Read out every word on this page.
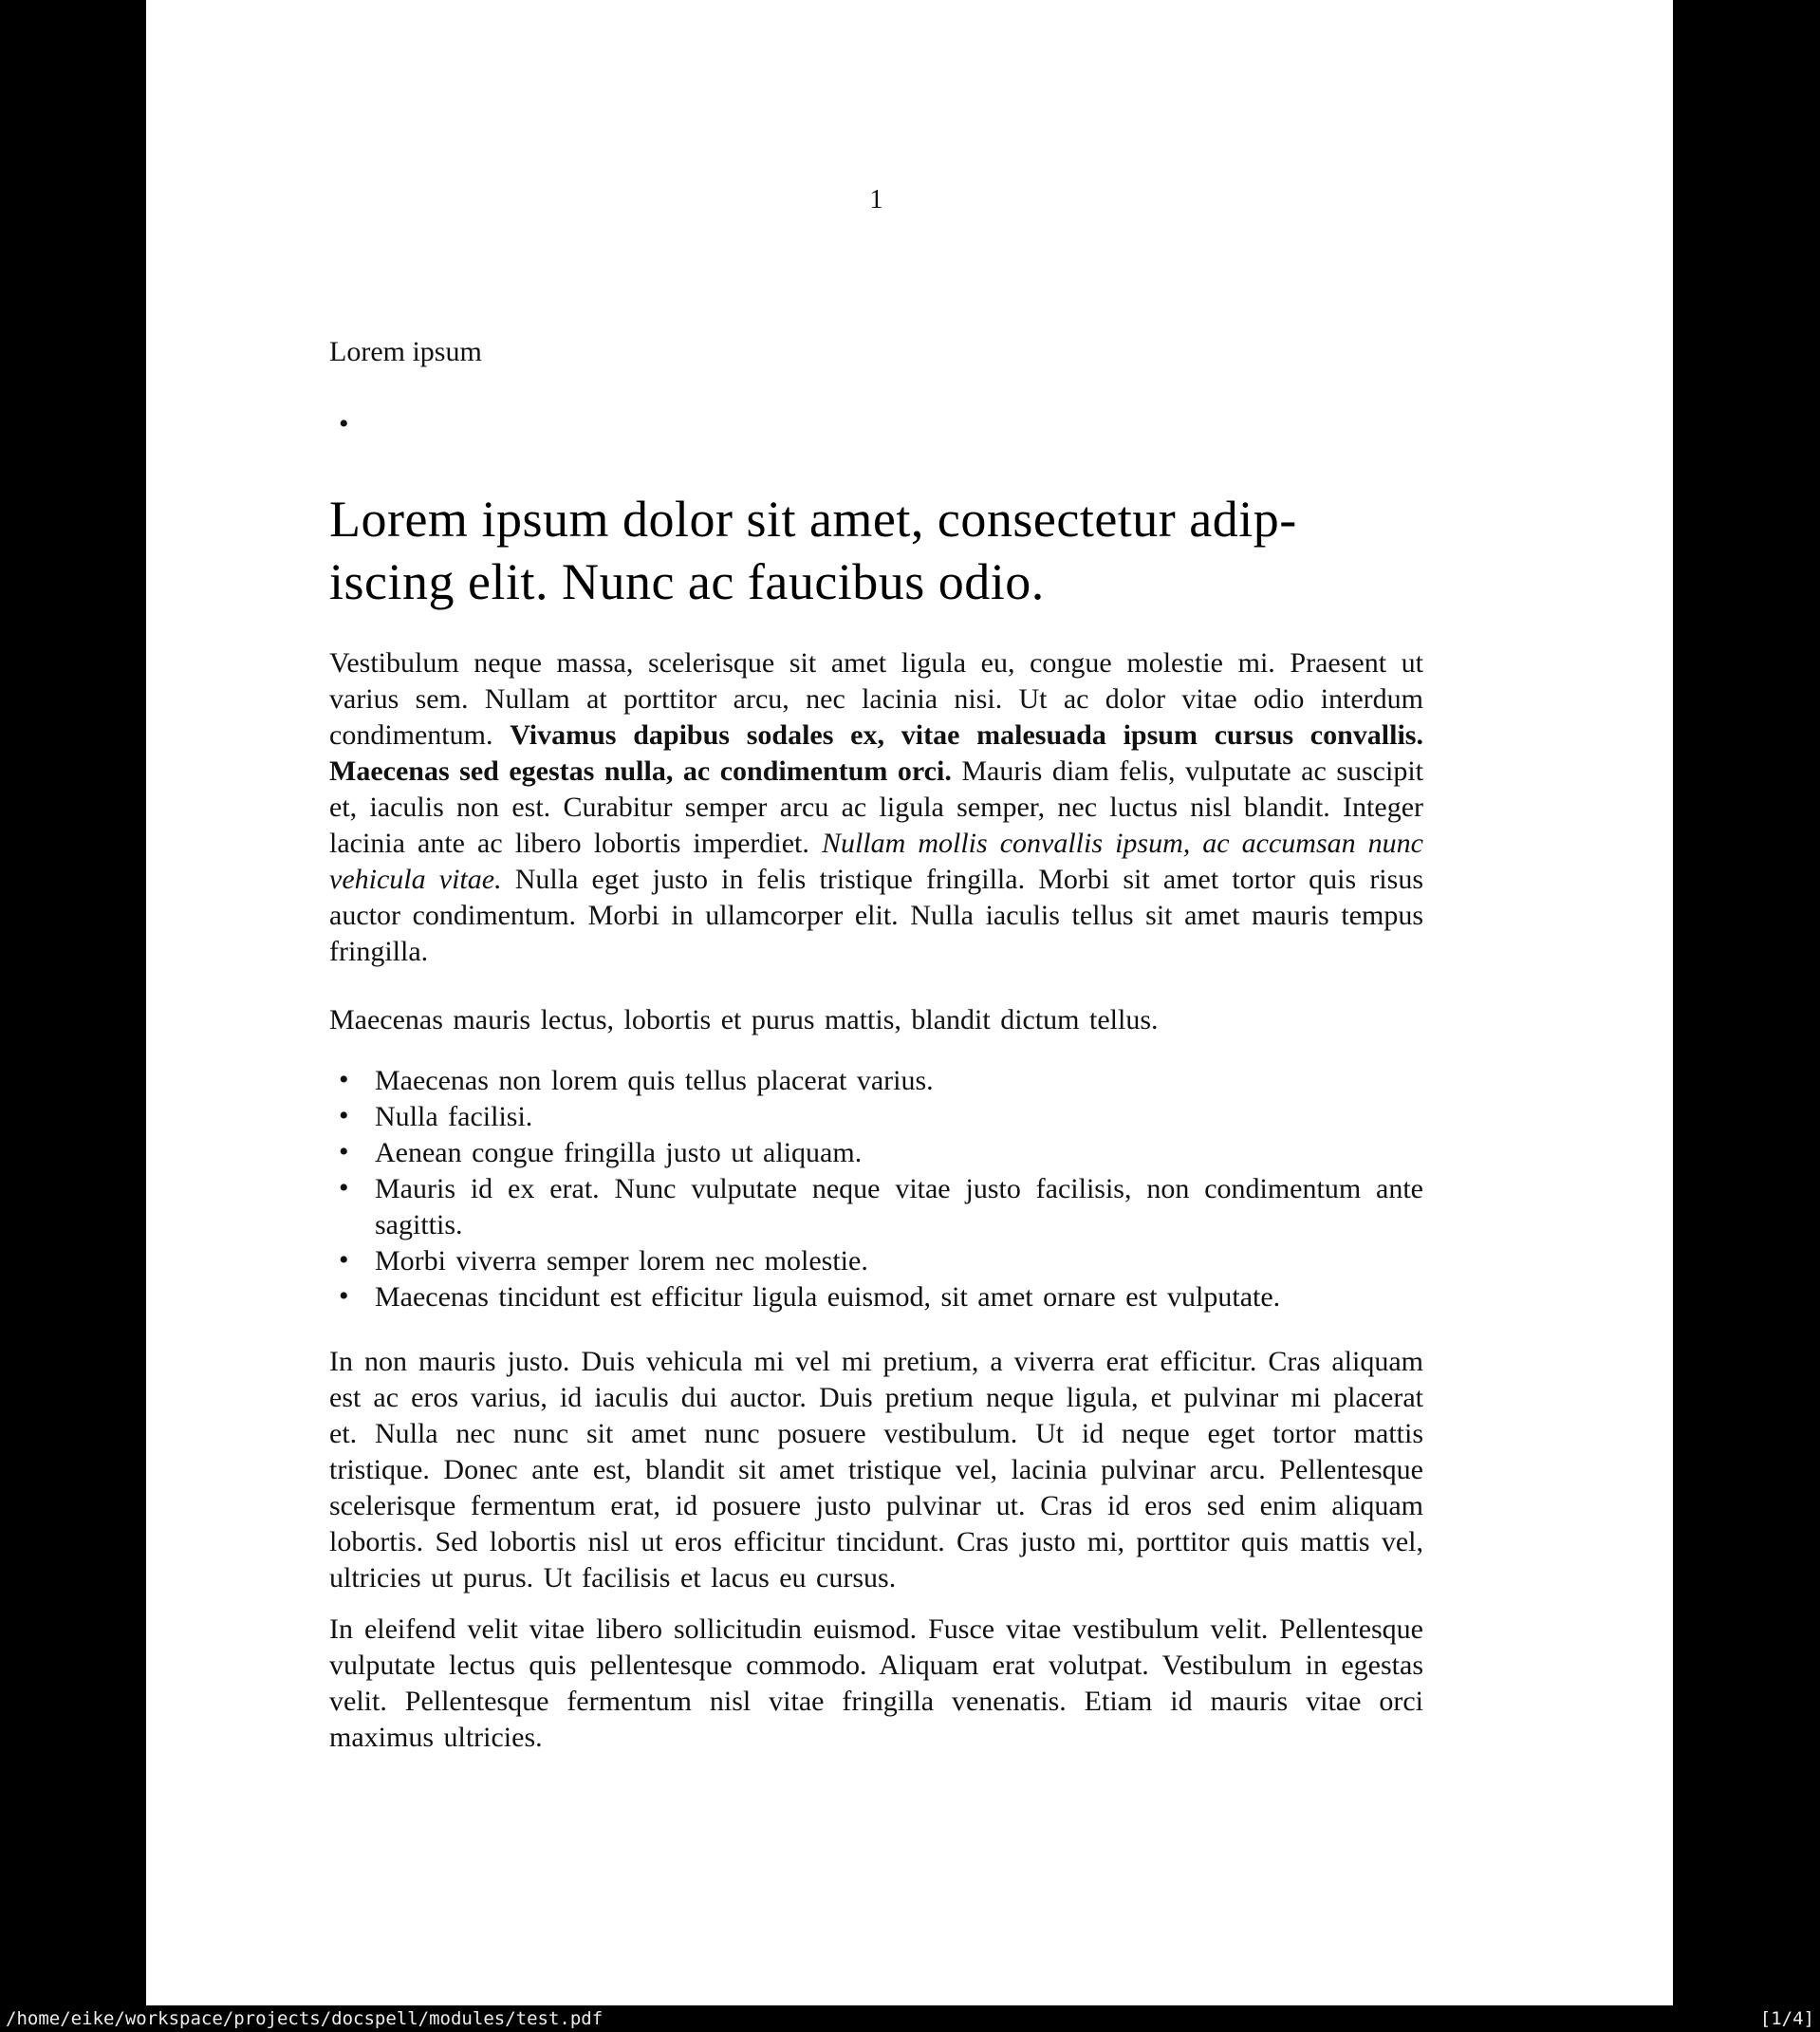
1
Lorem ipsum
•
Lorem ipsum dolor sit amet, consectetur adip-
iscing elit. Nunc ac faucibus odio.

Vestibulum neque massa, scelerisque sit amet ligula eu, congue molestie mi. Praesent ut varius sem. Nullam at porttitor arcu, nec lacinia nisi. Ut ac dolor vitae odio interdum condimentum. Vivamus dapibus sodales ex, vitae malesuada ipsum cursus convallis. Maecenas sed egestas nulla, ac condimentum orci. Mauris diam felis, vulputate ac suscipit et, iaculis non est. Curabitur semper arcu ac ligula semper, nec luctus nisl blandit. Integer lacinia ante ac libero lobortis imperdiet. Nullam mollis convallis ipsum, ac accumsan nunc vehicula vitae. Nulla eget justo in felis tristique fringilla. Morbi sit amet tortor quis risus auctor condimentum. Morbi in ullamcorper elit. Nulla iaculis tellus sit amet mauris tempus fringilla.

Maecenas mauris lectus, lobortis et purus mattis, blandit dictum tellus.

• Maecenas non lorem quis tellus placerat varius.
• Nulla facilisi.
• Aenean congue fringilla justo ut aliquam.
• Mauris id ex erat. Nunc vulputate neque vitae justo facilisis, non condimentum ante sagittis.
• Morbi viverra semper lorem nec molestie.
• Maecenas tincidunt est efficitur ligula euismod, sit amet ornare est vulputate.

In non mauris justo. Duis vehicula mi vel mi pretium, a viverra erat efficitur. Cras aliquam est ac eros varius, id iaculis dui auctor. Duis pretium neque ligula, et pulvinar mi placerat et. Nulla nec nunc sit amet nunc posuere vestibulum. Ut id neque eget tortor mattis tristique. Donec ante est, blandit sit amet tristique vel, lacinia pulvinar arcu. Pellentesque scelerisque fermentum erat, id posuere justo pulvinar ut. Cras id eros sed enim aliquam lobortis. Sed lobortis nisl ut eros efficitur tincidunt. Cras justo mi, porttitor quis mattis vel, ultricies ut purus. Ut facilisis et lacus eu cursus.

In eleifend velit vitae libero sollicitudin euismod. Fusce vitae vestibulum velit. Pellentesque vulputate lectus quis pellentesque commodo. Aliquam erat volutpat. Vestibulum in egestas velit. Pellentesque fermentum nisl vitae fringilla venenatis. Etiam id mauris vitae orci maximus ultricies.

/home/eike/workspace/projects/docspell/modules/test.pdf	[1/4]
